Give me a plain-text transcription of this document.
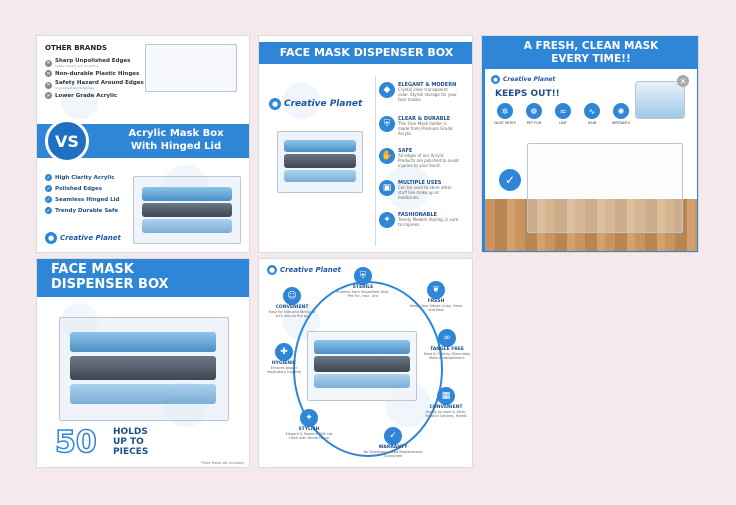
OTHER BRANDS
✕ Sharp Unpolished Edges
Safety Hazard and Scratches
✕ Non-durable Plastic Hinges
✕ Safety Hazard Around Edges
Unpolished and Scratches
✕ Lower Grade Acrylic
VS	Acrylic Mask Box
With Hinged Lid
✓ High Clarity Acrylic
✓ Polished Edges
✓ Seamless Hinged Lid
✓ Trendy Durable Safe
● Creative Planet
FACE MASK DISPENSER BOX
● Creative Planet
◆	ELEGANT & MODERN
Crystal clear transparent color. Stylish storage for your face masks.
⛨	CLEAR & DURABLE
This Face Mask holder is made from Premium Grade Acrylic.
✋	SAFE
All edges of our Acrylic Products are polished to avoid injuries to your hand.
▣	MULTIPLE USES
Can be used to store other stuff like make up or medicines.
✦	FASHIONABLE
Trendy Modern Styling, is sure to impress.
A FRESH, CLEAN MASK
EVERY TIME!!
● Creative Planet
KEEPS OUT!!
✲
DUST MITES
❁
PET FUR
≈
LINT
∿
HAIR
✺
IRRITANTS
✕
✓
FACE MASK
DISPENSER BOX
50 HOLDS
UP TO
PIECES
*Face Mask not included
● Creative Planet
⛨
STERILE
Protects from Household Dust, Pet Fur, Hair, Lint
❦
FRESH
Keeps Your Masks Crisp, Fresh and New
☺
CONVENIENT
Easy for kids and family to pick one on the go
✚
HYGIENIC
Ensures proper respiratory hygiene
∞
TANGLE FREE
Neat & Orderly. Eliminates Mask Entanglement.
▦
CONVENIENT
Handy to have in Work, Medical Centres, Hotels
✦
STYLISH
Elegant & Modern. Will not Clash with Home Decor	✓
WARRANTY
No Questions asked Replacement Guarantee
